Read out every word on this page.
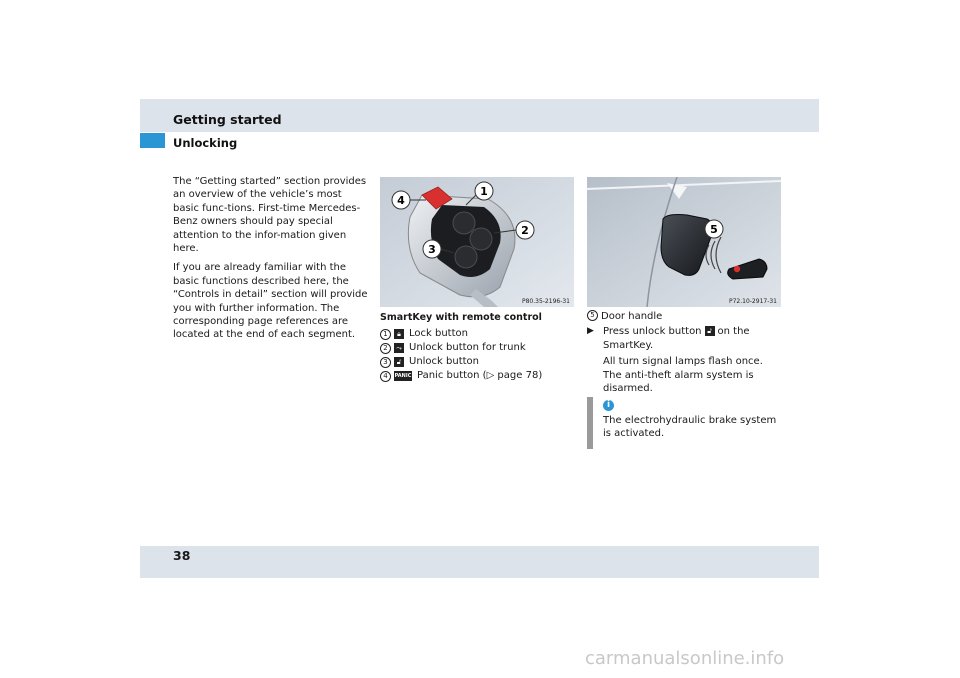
Getting started
Unlocking

The “Getting started” section provides an overview of the vehicle’s most basic func-tions. First-time Mercedes-Benz owners should pay special attention to the infor-mation given here.

If you are already familiar with the basic functions described here, the “Controls in detail” section will provide you with further information. The corresponding page references are located at the end of each segment.

4
1
2
3
P80.35-2196-31
SmartKey with remote control
1	🔒︎ Lock button
2	⤳ Unlock button for trunk
3	🔓︎ Unlock button
4	PANIC Panic button (▷ page 78)
5
P72.10-2917-31
5 Door handle
▶ Press unlock button 🔓︎ on the SmartKey.
All turn signal lamps flash once. The anti-theft alarm system is disarmed.
i
The electrohydraulic brake system is activated.
38
carmanualsonline.info
